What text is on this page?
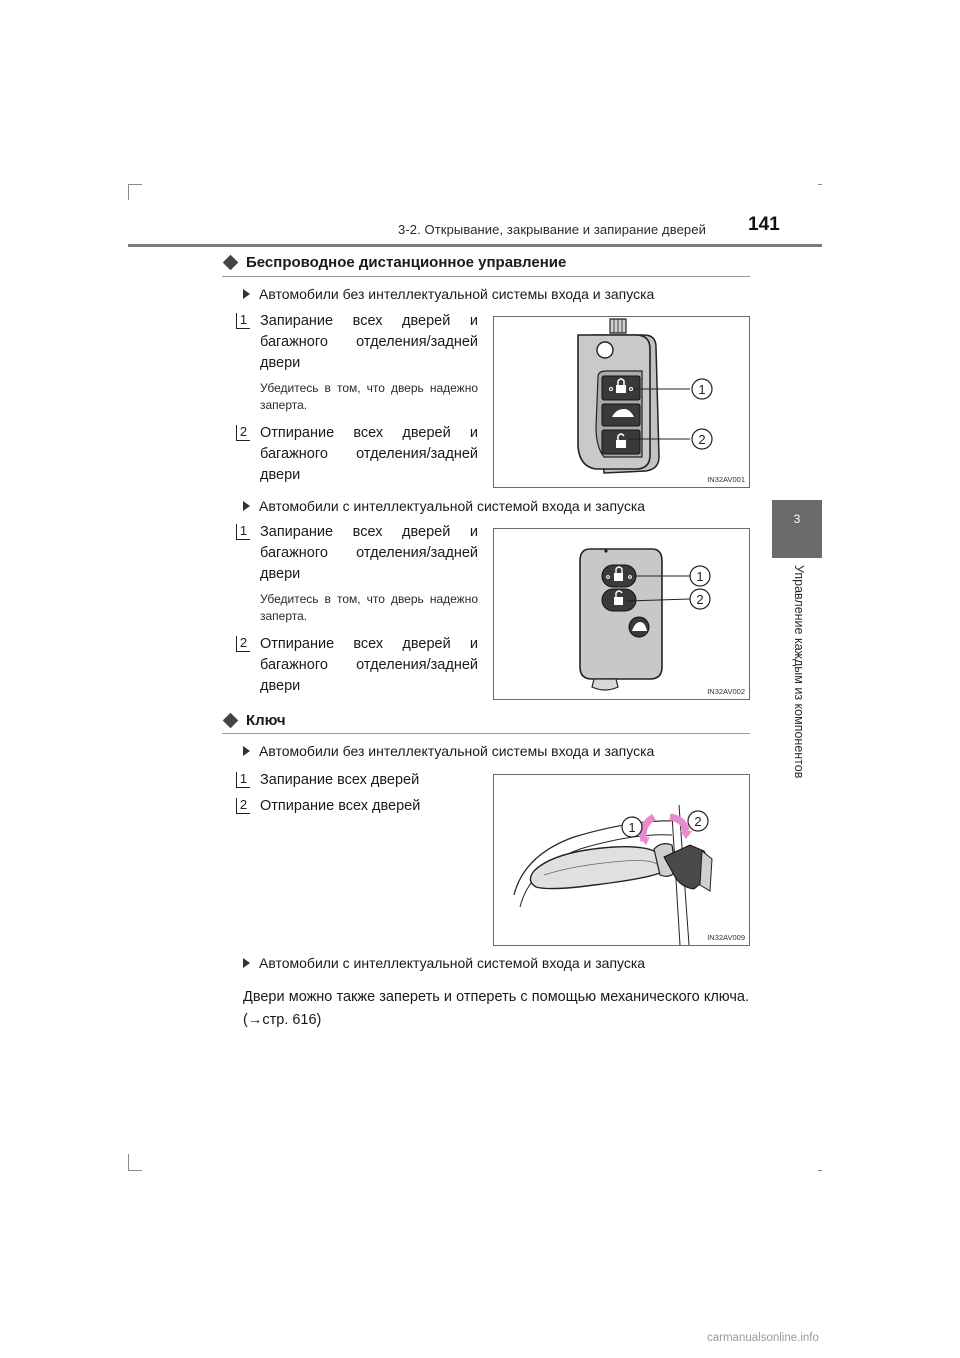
3-2. Открывание, закрывание и запирание дверей 141
3
Управление каждым из компонентов
Беспроводное дистанционное управление
Автомобили без интеллектуальной системы входа и запуска
1 Запирание всех дверей и багажного отделения/задней двери
Убедитесь в том, что дверь надежно заперта.
2 Отпирание всех дверей и багажного отделения/задней двери
1
2
IN32AV001
Автомобили с интеллектуальной системой входа и запуска
1 Запирание всех дверей и багажного отделения/задней двери
Убедитесь в том, что дверь надежно заперта.
2 Отпирание всех дверей и багажного отделения/задней двери
1
2
IN32AV002
Ключ
Автомобили без интеллектуальной системы входа и запуска
1 Запирание всех дверей
2 Отпирание всех дверей
1	2
IN32AV009
Автомобили с интеллектуальной системой входа и запуска
Двери можно также запереть и отпереть с помощью механического ключа. (→стр. 616)
carmanualsonline.info
